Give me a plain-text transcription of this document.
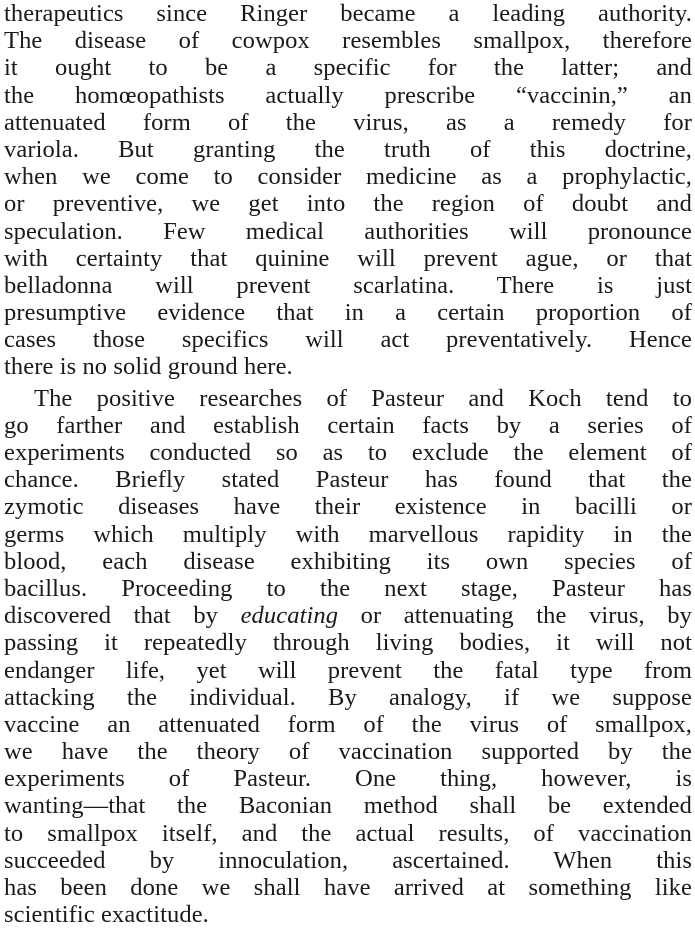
therapeutics since Ringer became a leading authority.
The disease of cowpox resembles smallpox, therefore
it ought to be a specific for the latter; and
the homœopathists actually prescribe “vaccinin,” an
attenuated form of the virus, as a remedy for
variola. But granting the truth of this doctrine,
when we come to consider medicine as a prophylactic,
or preventive, we get into the region of doubt and
speculation. Few medical authorities will pronounce
with certainty that quinine will prevent ague, or that
belladonna will prevent scarlatina. There is just
presumptive evidence that in a certain proportion of
cases those specifics will act preventatively. Hence
there is no solid ground here.
The positive researches of Pasteur and Koch tend to
go farther and establish certain facts by a series of
experiments conducted so as to exclude the element of
chance. Briefly stated Pasteur has found that the
zymotic diseases have their existence in bacilli or
germs which multiply with marvellous rapidity in the
blood, each disease exhibiting its own species of
bacillus. Proceeding to the next stage, Pasteur has
discovered that by educating or attenuating the virus, by
passing it repeatedly through living bodies, it will not
endanger life, yet will prevent the fatal type from
attacking the individual. By analogy, if we suppose
vaccine an attenuated form of the virus of smallpox,
we have the theory of vaccination supported by the
experiments of Pasteur. One thing, however, is
wanting—that the Baconian method shall be extended
to smallpox itself, and the actual results, of vaccination
succeeded by innoculation, ascertained. When this
has been done we shall have arrived at something like
scientific exactitude.
